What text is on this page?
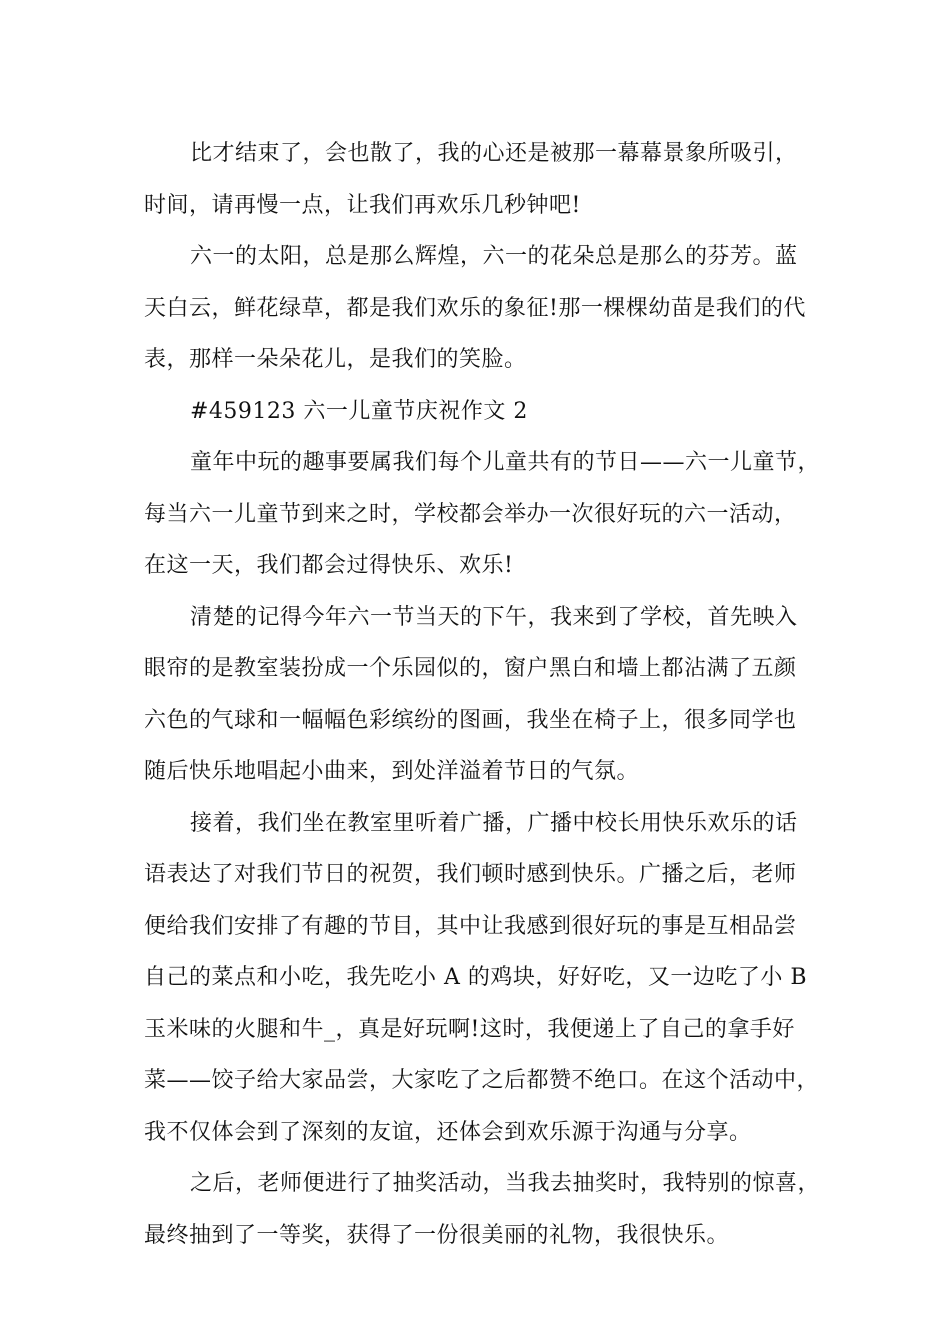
比才结束了，会也散了，我的心还是被那一幕幕景象所吸引，
时间，请再慢一点，让我们再欢乐几秒钟吧!
六一的太阳，总是那么辉煌，六一的花朵总是那么的芬芳。蓝
天白云，鲜花绿草，都是我们欢乐的象征!那一棵棵幼苗是我们的代
表，那样一朵朵花儿，是我们的笑脸。
#459123 六一儿童节庆祝作文 2
童年中玩的趣事要属我们每个儿童共有的节日——六一儿童节，
每当六一儿童节到来之时，学校都会举办一次很好玩的六一活动，
在这一天，我们都会过得快乐、欢乐!
清楚的记得今年六一节当天的下午，我来到了学校，首先映入
眼帘的是教室装扮成一个乐园似的，窗户黑白和墙上都沾满了五颜
六色的气球和一幅幅色彩缤纷的图画，我坐在椅子上，很多同学也
随后快乐地唱起小曲来，到处洋溢着节日的气氛。
接着，我们坐在教室里听着广播，广播中校长用快乐欢乐的话
语表达了对我们节日的祝贺，我们顿时感到快乐。广播之后，老师
便给我们安排了有趣的节目，其中让我感到很好玩的事是互相品尝
自己的菜点和小吃，我先吃小 A 的鸡块，好好吃，又一边吃了小 B
玉米味的火腿和牛_，真是好玩啊!这时，我便递上了自己的拿手好
菜——饺子给大家品尝，大家吃了之后都赞不绝口。在这个活动中，
我不仅体会到了深刻的友谊，还体会到欢乐源于沟通与分享。
之后，老师便进行了抽奖活动，当我去抽奖时，我特别的惊喜，
最终抽到了一等奖，获得了一份很美丽的礼物，我很快乐。
